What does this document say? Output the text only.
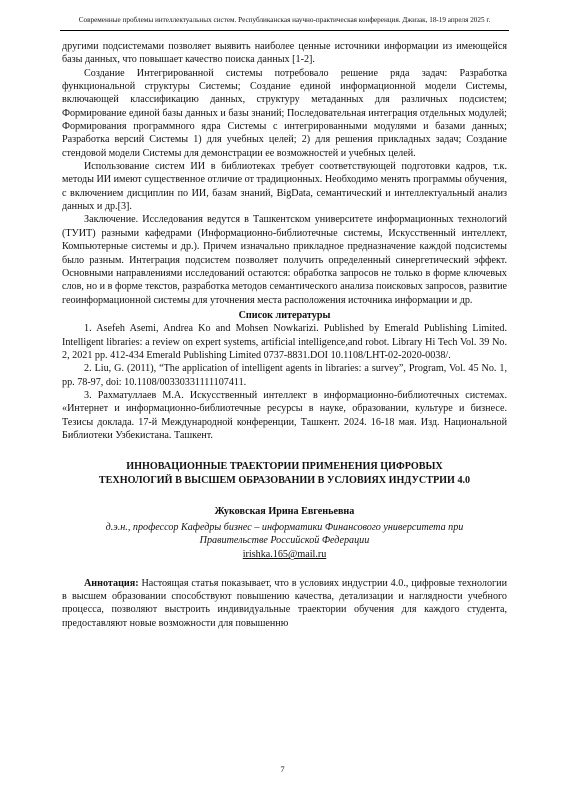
Современные проблемы интеллектуальных систем. Республиканская научно-практическая конференция. Джизак, 18-19 апреля 2025 г.

другими подсистемами позволяет выявить наиболее ценные источники информации из имеющейся базы данных, что повышает качество поиска данных [1-2].

Создание Интегрированной системы потребовало решение ряда задач: Разработка функциональной структуры Системы; Создание единой информационной модели Системы, включающей классификацию данных, структуру метаданных для различных подсистем; Формирование единой базы данных и базы знаний; Последовательная интеграция отдельных модулей; Формирования программного ядра Системы с интегрированными модулями и базами данных; Разработка версий Системы 1) для учебных целей; 2) для решения прикладных задач; Создание стендовой модели Системы для демонстрации ее возможностей и учебных целей.

Использование систем ИИ в библиотеках требует соответствующей подготовки кадров, т.к. методы ИИ имеют существенное отличие от традиционных. Необходимо менять программы обучения, с включением дисциплин по ИИ, базам знаний, BigData, семантический и интеллектуальный анализ данных и др.[3].

Заключение. Исследования ведутся в Ташкентском университете информационных технологий (ТУИТ) разными кафедрами (Информационно-библиотечные системы, Искусственный интеллект, Компьютерные системы и др.). Причем изначально прикладное предназначение каждой подсистемы было разным. Интеграция подсистем позволяет получить определенный синергетический эффект. Основными направлениями исследований остаются: обработка запросов не только в форме ключевых слов, но и в форме текстов, разработка методов семантического анализа поисковых запросов, развитие геоинформационной системы для уточнения места расположения источника информации и др.

Список литературы

1. Asefeh Asemi, Andrea Ko and Mohsen Nowkarizi. Published by Emerald Publishing Limited. Intelligent libraries: a review on expert systems, artificial intelligence,and robot. Library Hi Tech Vol. 39 No. 2, 2021 pp. 412-434 Emerald Publishing Limited 0737-8831.DOI 10.1108/LHT-02-2020-0038/.

2. Liu, G. (2011), “The application of intelligent agents in libraries: a survey”, Program, Vol. 45 No. 1, pp. 78-97, doi: 10.1108/00330331111107411.

3. Рахматуллаев М.А. Искусственный интеллект в информационно-библиотечных системах. «Интернет и информационно-библиотечные ресурсы в науке, образовании, культуре и бизнесе. Тезисы доклада. 17-й Международной конференции, Ташкент. 2024. 16-18 мая. Изд. Национальной Библиотеки Узбекистана. Ташкент.

ИННОВАЦИОННЫЕ ТРАЕКТОРИИ ПРИМЕНЕНИЯ ЦИФРОВЫХ
ТЕХНОЛОГИЙ В ВЫСШЕМ ОБРАЗОВАНИИ В УСЛОВИЯХ ИНДУСТРИИ 4.0
Жуковская Ирина Евгеньевна
д.э.н., профессор Кафедры бизнес – информатики Финансового университета при
Правительстве Российской Федерации
irishka.165@mail.ru

Аннотация: Настоящая статья показывает, что в условиях индустрии 4.0., цифровые технологии в высшем образовании способствуют повышению качества, детализации и наглядности учебного процесса, позволяют выстроить индивидуальные траектории обучения для каждого студента, предоставляют новые возможности для повышенню

7
